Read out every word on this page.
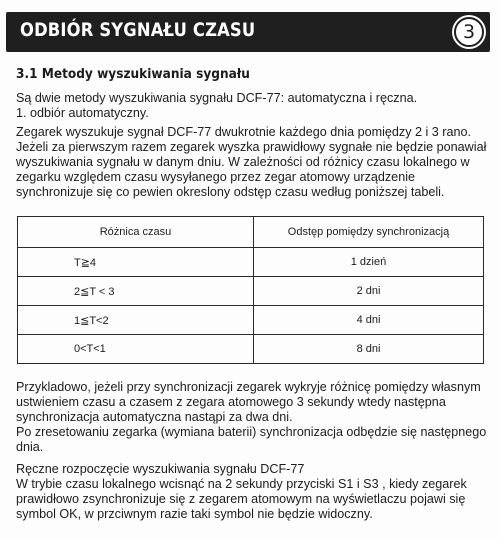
ODBIÓR SYGNAŁU CZASU	3
3.1 Metody wyszukiwania sygnału
Są dwie metody wyszukiwania sygnału DCF-77: automatyczna i ręczna.
1. odbiór automatyczny.
Zegarek wyszukuje sygnał DCF-77 dwukrotnie każdego dnia pomiędzy 2 i 3 rano.
Jeżeli za pierwszym razem zegarek wyszka prawidłowy sygnałe nie będzie ponawiał
wyszukiwania sygnału w danym dniu. W zależności od różnicy czasu lokalnego w
zegarku względem czasu wysyłanego przez zegar atomowy urządzenie
synchronizuje się co pewien okreslony odstęp czasu według poniższej tabeli.
Różnica czasu	Odstęp pomiędzy synchronizacją
T≧4	1 dzień
2≦T < 3	2 dni
1≦T<2	4 dni
0<T<1	8 dni
Przykladowo, jeżeli przy synchronizacji zegarek wykryje różnicę pomiędzy własnym
ustwieniem czasu a czasem z zegara atomowego 3 sekundy wtedy następna
synchronizacja automatyczna nastąpi za dwa dni.
Po zresetowaniu zegarka (wymiana baterii) synchronizacja odbędzie się następnego
dnia.
Ręczne rozpoczęcie wyszukiwania sygnału DCF-77
W trybie czasu lokalnego wcisnąć na 2 sekundy przyciski S1 i S3 , kiedy zegarek
prawidłowo zsynchronizuje się z zegarem atomowym na wyświetlaczu pojawi się
symbol OK, w przciwnym razie taki symbol nie będzie widoczny.
